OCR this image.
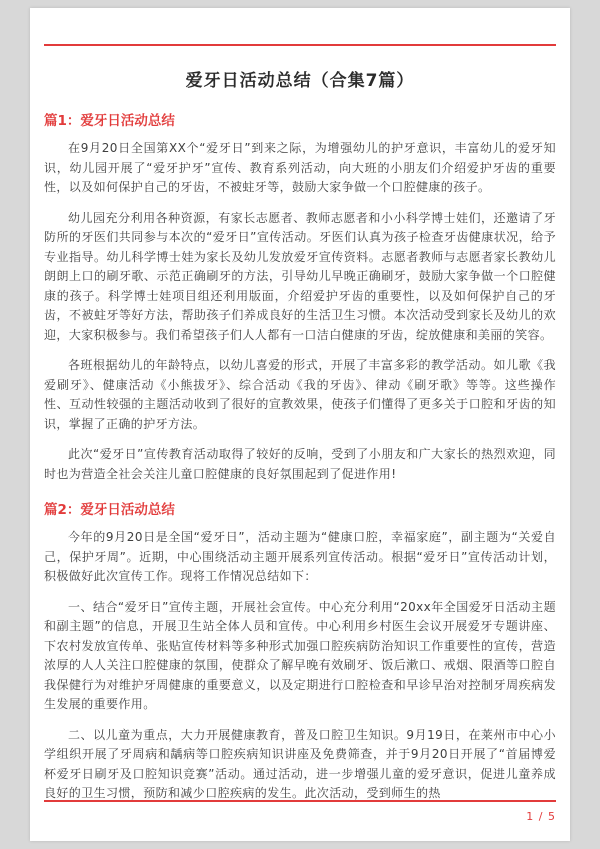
爱牙日活动总结（合集7篇）
篇1：爱牙日活动总结

在9月20日全国第XX个“爱牙日”到来之际，为增强幼儿的护牙意识，丰富幼儿的爱牙知识，幼儿园开展了“爱牙护牙”宣传、教育系列活动，向大班的小朋友们介绍爱护牙齿的重要性，以及如何保护自己的牙齿，不被蛀牙等，鼓励大家争做一个口腔健康的孩子。

幼儿园充分利用各种资源，有家长志愿者、教师志愿者和小小科学博士娃们，还邀请了牙防所的牙医们共同参与本次的“爱牙日”宣传活动。牙医们认真为孩子检查牙齿健康状况，给予专业指导。幼儿科学博士娃为家长及幼儿发放爱牙宣传资料。志愿者教师与志愿者家长教幼儿朗朗上口的刷牙歌、示范正确刷牙的方法，引导幼儿早晚正确刷牙，鼓励大家争做一个口腔健康的孩子。科学博士娃项目组还利用版面，介绍爱护牙齿的重要性，以及如何保护自己的牙齿，不被蛀牙等好方法，帮助孩子们养成良好的生活卫生习惯。本次活动受到家长及幼儿的欢迎，大家积极参与。我们希望孩子们人人都有一口洁白健康的牙齿，绽放健康和美丽的笑容。

各班根据幼儿的年龄特点，以幼儿喜爱的形式，开展了丰富多彩的教学活动。如儿歌《我爱刷牙》、健康活动《小熊拔牙》、综合活动《我的牙齿》、律动《刷牙歌》等等。这些操作性、互动性较强的主题活动收到了很好的宣教效果，使孩子们懂得了更多关于口腔和牙齿的知识，掌握了正确的护牙方法。

此次“爱牙日”宣传教育活动取得了较好的反响，受到了小朋友和广大家长的热烈欢迎，同时也为营造全社会关注儿童口腔健康的良好氛围起到了促进作用!

篇2：爱牙日活动总结

今年的9月20日是全国“爱牙日”，活动主题为“健康口腔，幸福家庭”，副主题为“关爱自己，保护牙周”。近期，中心围绕活动主题开展系列宣传活动。根据“爱牙日”宣传活动计划，积极做好此次宣传工作。现将工作情况总结如下：

一、结合“爱牙日”宣传主题，开展社会宣传。中心充分利用“20xx年全国爱牙日活动主题和副主题”的信息，开展卫生站全体人员和宣传。中心利用乡村医生会议开展爱牙专题讲座、下农村发放宣传单、张贴宣传材料等多种形式加强口腔疾病防治知识工作重要性的宣传，营造浓厚的人人关注口腔健康的氛围，使群众了解早晚有效刷牙、饭后漱口、戒烟、限酒等口腔自我保健行为对维护牙周健康的重要意义，以及定期进行口腔检查和早诊早治对控制牙周疾病发生发展的重要作用。

二、以儿童为重点，大力开展健康教育，普及口腔卫生知识。9月19日，在莱州市中心小学组织开展了牙周病和龋病等口腔疾病知识讲座及免费筛查，并于9月20日开展了“首届博爱杯爱牙日刷牙及口腔知识竞赛”活动。通过活动，进一步增强儿童的爱牙意识，促进儿童养成良好的卫生习惯，预防和减少口腔疾病的发生。此次活动，受到师生的热

1 / 5
